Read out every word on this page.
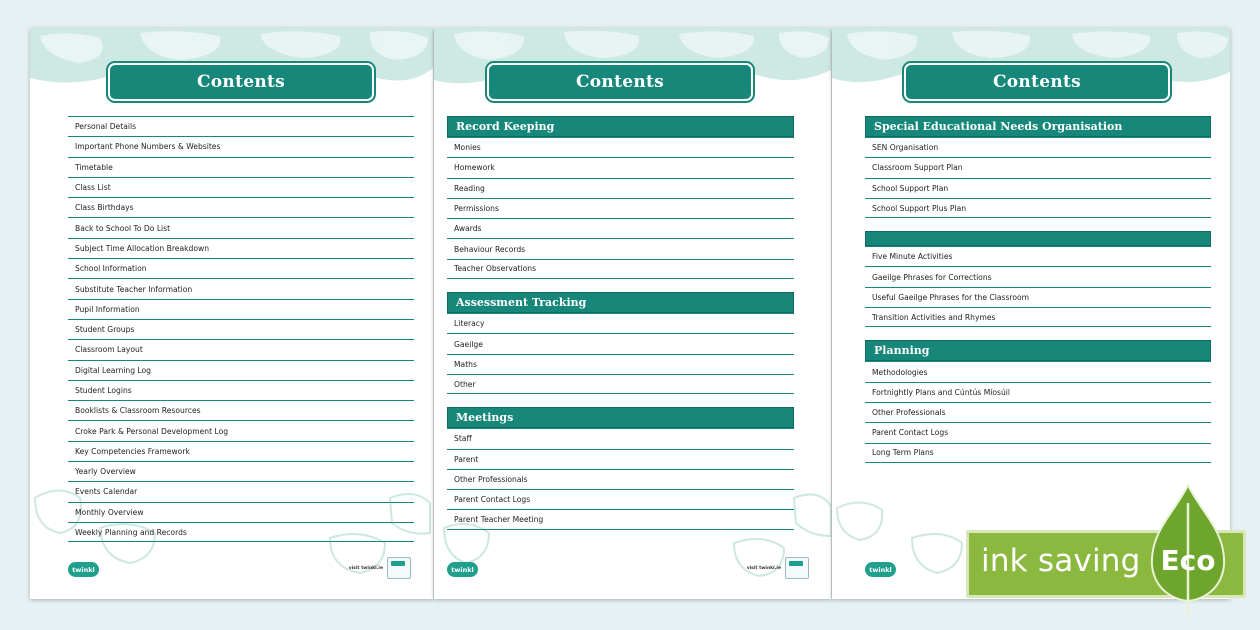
Contents
Personal Details
Important Phone Numbers & Websites
Timetable
Class List
Class Birthdays
Back to School To Do List
Subject Time Allocation Breakdown
School Information
Substitute Teacher Information
Pupil Information
Student Groups
Classroom Layout
Digital Learning Log
Student Logins
Booklists & Classroom Resources
Croke Park & Personal Development Log
Key Competencies Framework
Yearly Overview
Events Calendar
Monthly Overview
Weekly Planning and Records
twinkl	visit twinkl.ie
Contents
Record Keeping
Monies
Homework
Reading
Permissions
Awards
Behaviour Records
Teacher Observations
Assessment Tracking
Literacy
Gaeilge
Maths
Other
Meetings
Staff
Parent
Other Professionals
Parent Contact Logs
Parent Teacher Meeting
twinkl	visit twinkl.ie
Contents
Special Educational Needs Organisation
SEN Organisation
Classroom Support Plan
School Support Plan
School Support Plus Plan
Five Minute Activities
Gaeilge Phrases for Corrections
Useful Gaeilge Phrases for the Classroom
Transition Activities and Rhymes
Planning
Methodologies
Fortnightly Plans and Cúntús Míosúil
Other Professionals
Parent Contact Logs
Long Term Plans
twinkl	ink saving Eco
